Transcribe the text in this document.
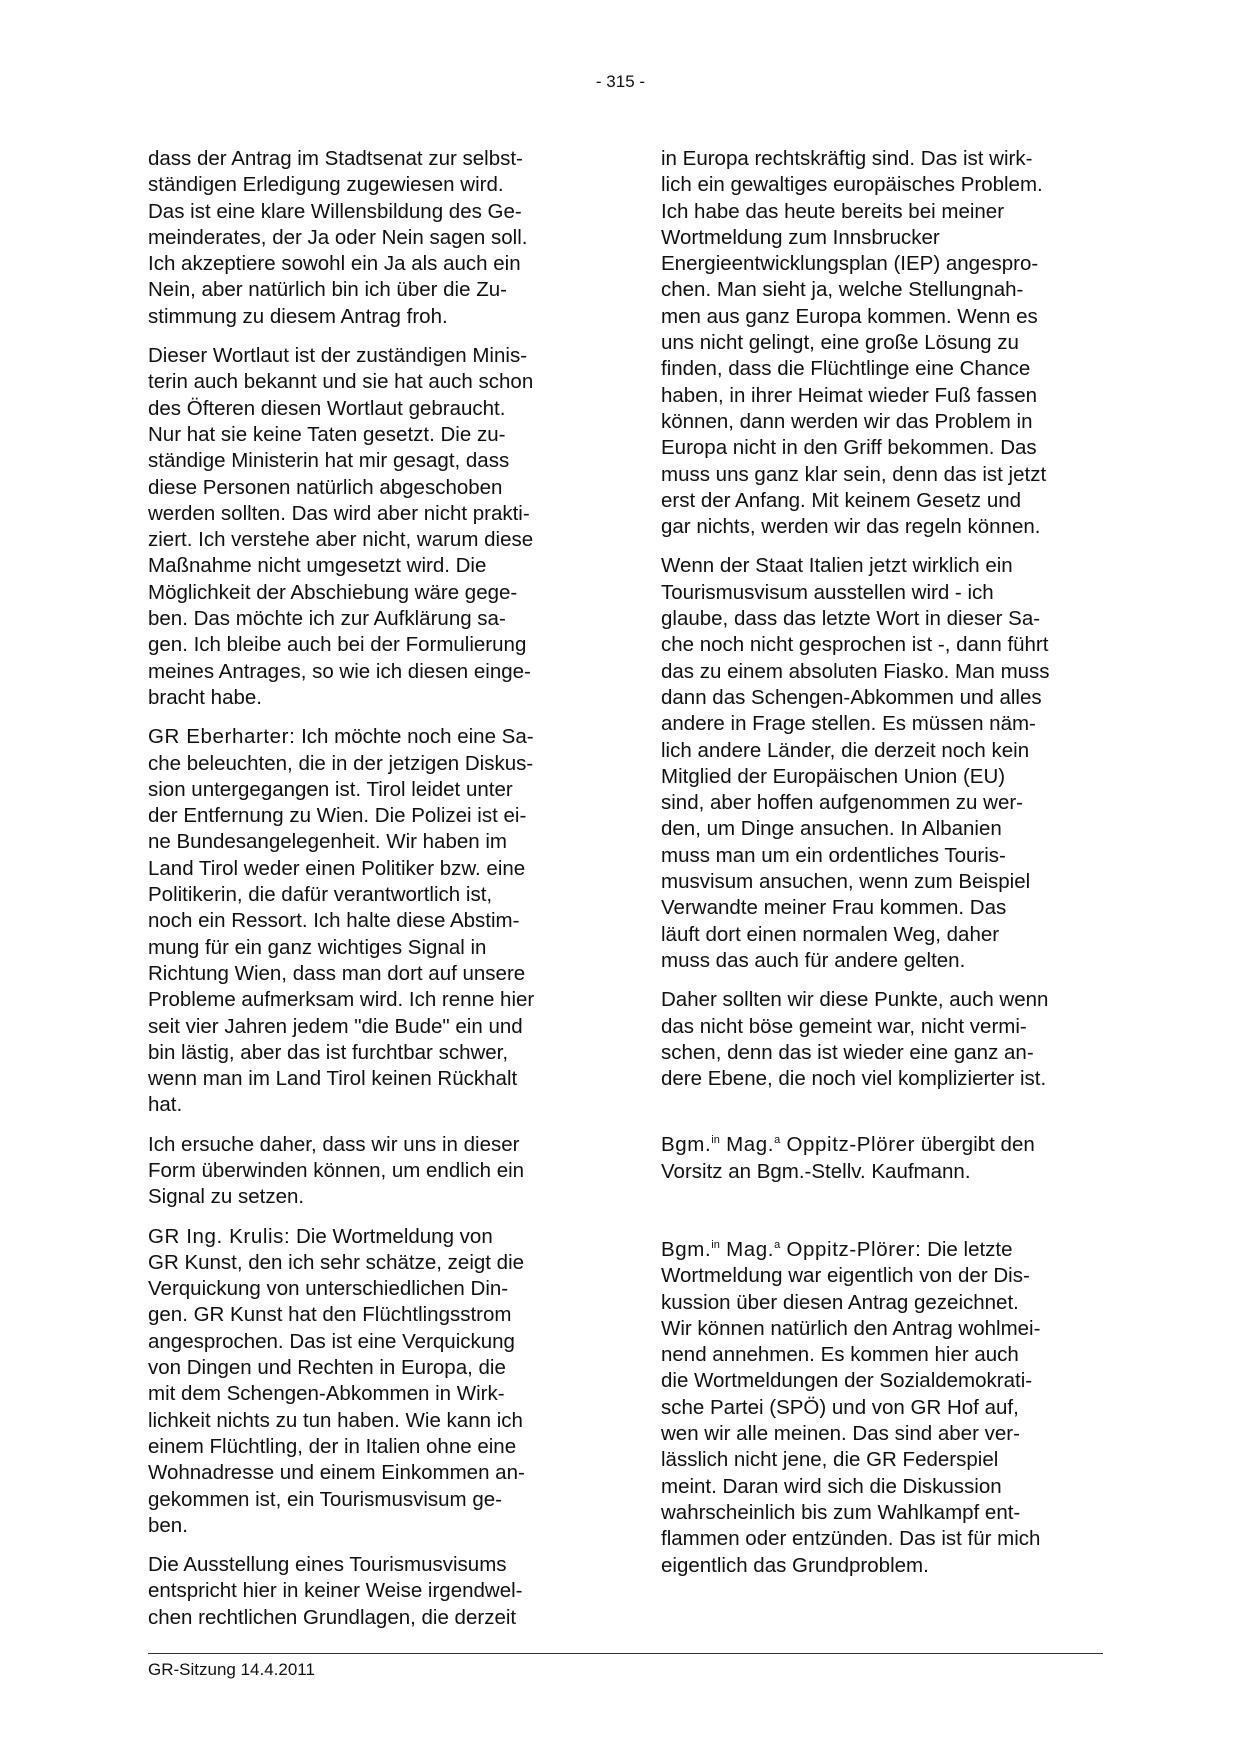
- 315 -

dass der Antrag im Stadtsenat zur selbst-
ständigen Erledigung zugewiesen wird.
Das ist eine klare Willensbildung des Ge-
meinderates, der Ja oder Nein sagen soll.
Ich akzeptiere sowohl ein Ja als auch ein
Nein, aber natürlich bin ich über die Zu-
stimmung zu diesem Antrag froh.

Dieser Wortlaut ist der zuständigen Minis-
terin auch bekannt und sie hat auch schon
des Öfteren diesen Wortlaut gebraucht.
Nur hat sie keine Taten gesetzt. Die zu-
ständige Ministerin hat mir gesagt, dass
diese Personen natürlich abgeschoben
werden sollten. Das wird aber nicht prakti-
ziert. Ich verstehe aber nicht, warum diese
Maßnahme nicht umgesetzt wird. Die
Möglichkeit der Abschiebung wäre gege-
ben. Das möchte ich zur Aufklärung sa-
gen. Ich bleibe auch bei der Formulierung
meines Antrages, so wie ich diesen einge-
bracht habe.

GR Eberharter: Ich möchte noch eine Sa-
che beleuchten, die in der jetzigen Diskus-
sion untergegangen ist. Tirol leidet unter
der Entfernung zu Wien. Die Polizei ist ei-
ne Bundesangelegenheit. Wir haben im
Land Tirol weder einen Politiker bzw. eine
Politikerin, die dafür verantwortlich ist,
noch ein Ressort. Ich halte diese Abstim-
mung für ein ganz wichtiges Signal in
Richtung Wien, dass man dort auf unsere
Probleme aufmerksam wird. Ich renne hier
seit vier Jahren jedem "die Bude" ein und
bin lästig, aber das ist furchtbar schwer,
wenn man im Land Tirol keinen Rückhalt
hat.

Ich ersuche daher, dass wir uns in dieser
Form überwinden können, um endlich ein
Signal zu setzen.

GR Ing. Krulis: Die Wortmeldung von
GR Kunst, den ich sehr schätze, zeigt die
Verquickung von unterschiedlichen Din-
gen. GR Kunst hat den Flüchtlingsstrom
angesprochen. Das ist eine Verquickung
von Dingen und Rechten in Europa, die
mit dem Schengen-Abkommen in Wirk-
lichkeit nichts zu tun haben. Wie kann ich
einem Flüchtling, der in Italien ohne eine
Wohnadresse und einem Einkommen an-
gekommen ist, ein Tourismusvisum ge-
ben.

Die Ausstellung eines Tourismusvisums
entspricht hier in keiner Weise irgendwel-
chen rechtlichen Grundlagen, die derzeit

in Europa rechtskräftig sind. Das ist wirk-
lich ein gewaltiges europäisches Problem.
Ich habe das heute bereits bei meiner
Wortmeldung zum Innsbrucker
Energieentwicklungsplan (IEP) angespro-
chen. Man sieht ja, welche Stellungnah-
men aus ganz Europa kommen. Wenn es
uns nicht gelingt, eine große Lösung zu
finden, dass die Flüchtlinge eine Chance
haben, in ihrer Heimat wieder Fuß fassen
können, dann werden wir das Problem in
Europa nicht in den Griff bekommen. Das
muss uns ganz klar sein, denn das ist jetzt
erst der Anfang. Mit keinem Gesetz und
gar nichts, werden wir das regeln können.

Wenn der Staat Italien jetzt wirklich ein
Tourismusvisum ausstellen wird - ich
glaube, dass das letzte Wort in dieser Sa-
che noch nicht gesprochen ist -, dann führt
das zu einem absoluten Fiasko. Man muss
dann das Schengen-Abkommen und alles
andere in Frage stellen. Es müssen näm-
lich andere Länder, die derzeit noch kein
Mitglied der Europäischen Union (EU)
sind, aber hoffen aufgenommen zu wer-
den, um Dinge ansuchen. In Albanien
muss man um ein ordentliches Touris-
musvisum ansuchen, wenn zum Beispiel
Verwandte meiner Frau kommen. Das
läuft dort einen normalen Weg, daher
muss das auch für andere gelten.

Daher sollten wir diese Punkte, auch wenn
das nicht böse gemeint war, nicht vermi-
schen, denn das ist wieder eine ganz an-
dere Ebene, die noch viel komplizierter ist.

Bgm.$^{in}$ Mag.$^a$ Oppitz-Plörer übergibt den
Vorsitz an Bgm.-Stellv. Kaufmann.

Bgm.$^{in}$ Mag.$^a$ Oppitz-Plörer: Die letzte
Wortmeldung war eigentlich von der Dis-
kussion über diesen Antrag gezeichnet.
Wir können natürlich den Antrag wohlmei-
nend annehmen. Es kommen hier auch
die Wortmeldungen der Sozialdemokrati-
sche Partei (SPÖ) und von GR Hof auf,
wen wir alle meinen. Das sind aber ver-
lässlich nicht jene, die GR Federspiel
meint. Daran wird sich die Diskussion
wahrscheinlich bis zum Wahlkampf ent-
flammen oder entzünden. Das ist für mich
eigentlich das Grundproblem.

GR-Sitzung 14.4.2011
